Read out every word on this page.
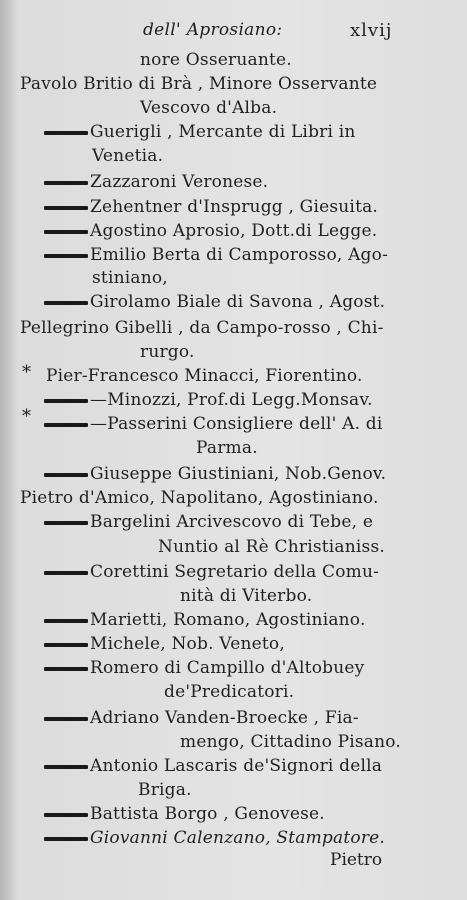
dell' Aprosiano:	xlvij
nore Osseruante.
Pavolo Britio di Brà , Minore Osservante
Vescovo d'Alba.
Guerigli , Mercante di Libri in
Venetia.
Zazzaroni Veronese.
Zehentner d'Insprugg , Giesuita.
Agostino Aprosio, Dott.di Legge.
Emilio Berta di Camporosso, Ago-
stiniano,
Girolamo Biale di Savona , Agost.
Pellegrino Gibelli , da Campo-rosso , Chi-
rurgo.
* Pier-Francesco Minacci, Fiorentino.
—Minozzi, Prof.di Legg.Monsav.
*	—Passerini Consigliere dell' A. di
Parma.
Giuseppe Giustiniani, Nob.Genov.
Pietro d'Amico, Napolitano, Agostiniano.
Bargelini Arcivescovo di Tebe, e
Nuntio al Rè Christianiss.
Corettini Segretario della Comu-
nità di Viterbo.
Marietti, Romano, Agostiniano.
Michele, Nob. Veneto,
Romero di Campillo d'Altobuey
de'Predicatori.
Adriano Vanden-Broecke , Fia-
mengo, Cittadino Pisano.
Antonio Lascaris de'Signori della
Briga.
Battista Borgo , Genovese.
Giovanni Calenzano, Stampatore.
Pietro
